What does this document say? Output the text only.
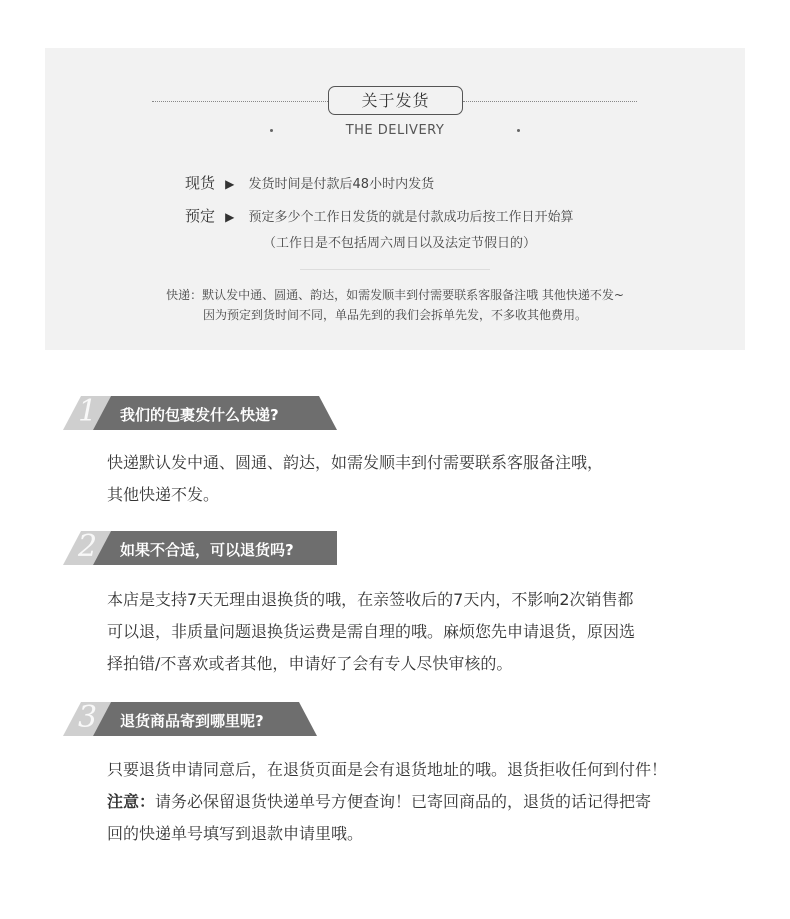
关于发货
THE DELIVERY
现货 ▶ 发货时间是付款后48小时内发货
预定 ▶ 预定多少个工作日发货的就是付款成功后按工作日开始算
（工作日是不包括周六周日以及法定节假日的）
快递：默认发中通、圆通、韵达，如需发顺丰到付需要联系客服备注哦 其他快递不发~
因为预定到货时间不同，单品先到的我们会拆单先发，不多收其他费用。
1 我们的包裹发什么快递?

快递默认发中通、圆通、韵达，如需发顺丰到付需要联系客服备注哦，

其他快递不发。

2 如果不合适，可以退货吗?

本店是支持7天无理由退换货的哦，在亲签收后的7天内，不影响2次销售都

可以退，非质量问题退换货运费是需自理的哦。麻烦您先申请退货，原因选

择拍错/不喜欢或者其他，申请好了会有专人尽快审核的。

3 退货商品寄到哪里呢?

只要退货申请同意后，在退货页面是会有退货地址的哦。退货拒收任何到付件！

注意：请务必保留退货快递单号方便查询！已寄回商品的，退货的话记得把寄

回的快递单号填写到退款申请里哦。
